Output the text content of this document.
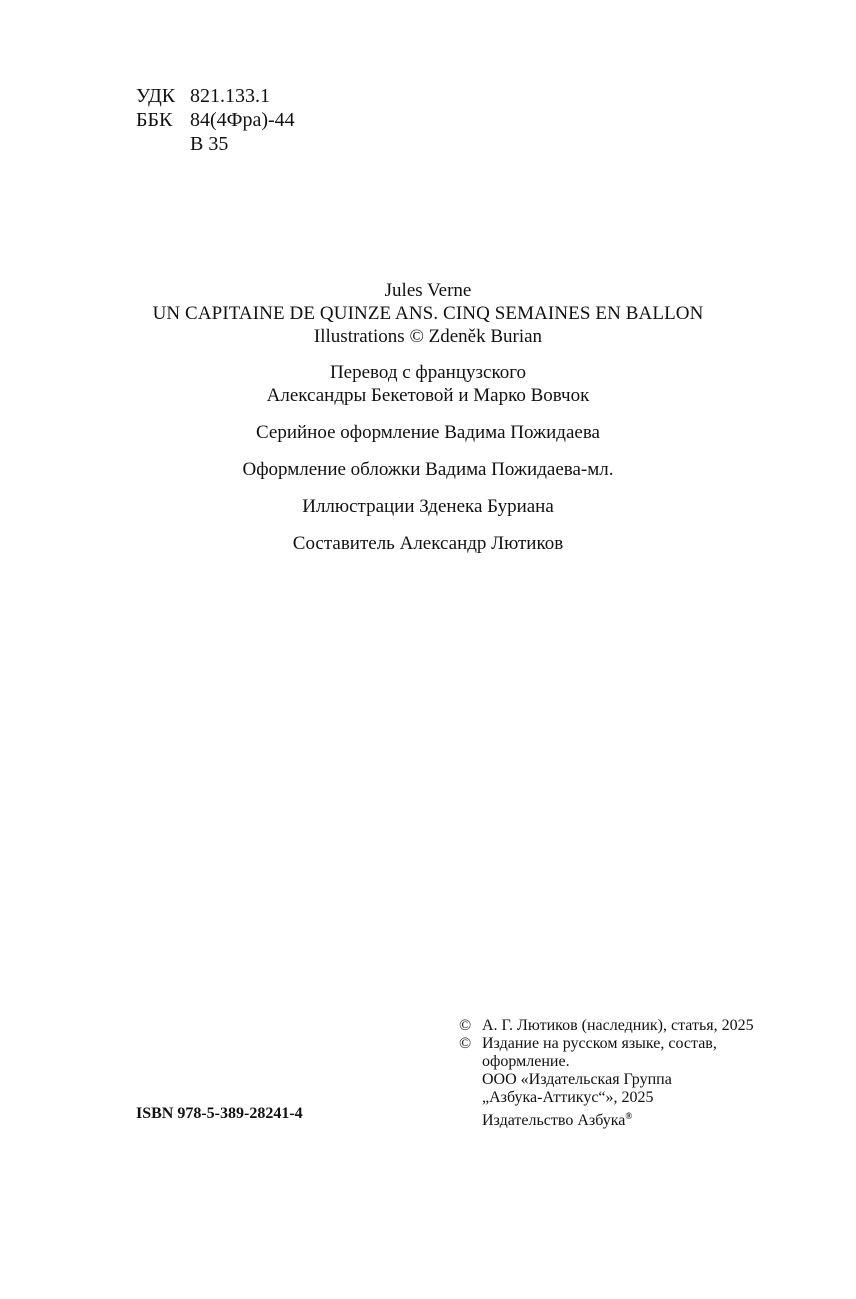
УДК 821.133.1
ББК 84(4Фра)-44
В 35
Jules Verne
UN CAPITAINE DE QUINZE ANS. CINQ SEMAINES EN BALLON
Illustrations © Zdeněk Burian
Перевод с французского
Александры Бекетовой и Марко Вовчок
Серийное оформление Вадима Пожидаева
Оформление обложки Вадима Пожидаева-мл.
Иллюстрации Зденека Буриана
Составитель Александр Лютиков
ISBN 978-5-389-28241-4
© А. Г. Лютиков (наследник), статья, 2025
© Издание на русском языке, состав,
оформление.
ООО «Издательская Группа
„Азбука-Аттикус“», 2025
Издательство Азбука®
